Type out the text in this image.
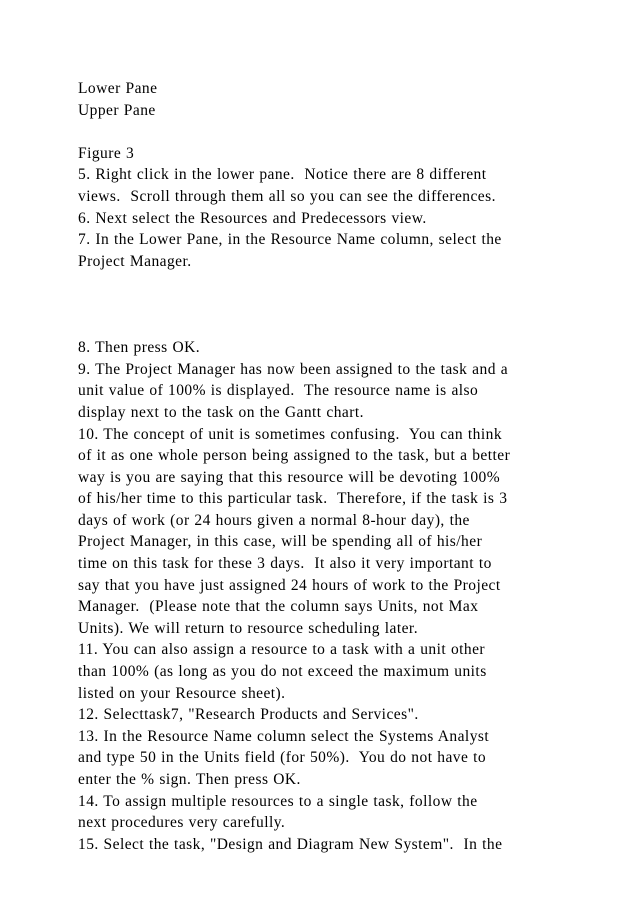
Lower Pane
Upper Pane
Figure 3
5. Right click in the lower pane.  Notice there are 8 different
views.  Scroll through them all so you can see the differences.
6. Next select the Resources and Predecessors view.
7. In the Lower Pane, in the Resource Name column, select the
Project Manager.
8. Then press OK.
9. The Project Manager has now been assigned to the task and a
unit value of 100% is displayed.  The resource name is also
display next to the task on the Gantt chart.
10. The concept of unit is sometimes confusing.  You can think
of it as one whole person being assigned to the task, but a better
way is you are saying that this resource will be devoting 100%
of his/her time to this particular task.  Therefore, if the task is 3
days of work (or 24 hours given a normal 8-hour day), the
Project Manager, in this case, will be spending all of his/her
time on this task for these 3 days.  It also it very important to
say that you have just assigned 24 hours of work to the Project
Manager.  (Please note that the column says Units, not Max
Units). We will return to resource scheduling later.
11. You can also assign a resource to a task with a unit other
than 100% (as long as you do not exceed the maximum units
listed on your Resource sheet).
12. Selecttask7, "Research Products and Services".
13. In the Resource Name column select the Systems Analyst
and type 50 in the Units field (for 50%).  You do not have to
enter the % sign. Then press OK.
14. To assign multiple resources to a single task, follow the
next procedures very carefully.
15. Select the task, "Design and Diagram New System".  In the
